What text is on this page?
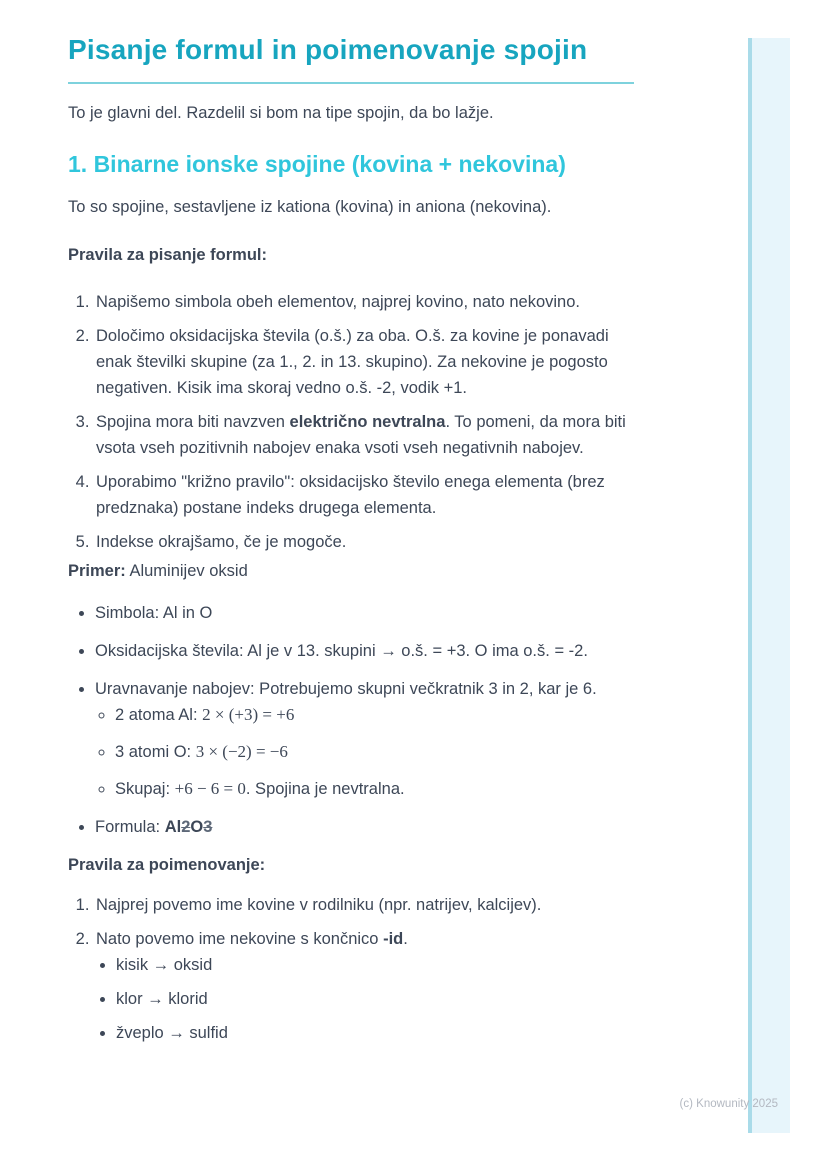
Pisanje formul in poimenovanje spojin

To je glavni del. Razdelil si bom na tipe spojin, da bo lažje.

1. Binarne ionske spojine (kovina + nekovina)

To so spojine, sestavljene iz kationa (kovina) in aniona (nekovina).

Pravila za pisanje formul:

1. Napišemo simbola obeh elementov, najprej kovino, nato nekovino.
2. Določimo oksidacijska števila (o.š.) za oba. O.š. za kovine je ponavadi enak številki skupine (za 1., 2. in 13. skupino). Za nekovine je pogosto negativen. Kisik ima skoraj vedno o.š. -2, vodik +1.
3. Spojina mora biti navzven električno nevtralna. To pomeni, da mora biti vsota vseh pozitivnih nabojev enaka vsoti vseh negativnih nabojev.
4. Uporabimo "križno pravilo": oksidacijsko število enega elementa (brez predznaka) postane indeks drugega elementa.
5. Indekse okrajšamo, če je mogoče.

Primer: Aluminijev oksid

• Simbola: Al in O
• Oksidacijska števila: Al je v 13. skupini → o.š. = +3. O ima o.š. = -2.
• Uravnavanje nabojev: Potrebujemo skupni večkratnik 3 in 2, kar je 6.
◦ 2 atoma Al: 2 × (+3) = +6
◦ 3 atomi O: 3 × (−2) = −6
◦ Skupaj: +6 − 6 = 0. Spojina je nevtralna.
• Formula: Al2O3

Pravila za poimenovanje:

1. Najprej povemo ime kovine v rodilniku (npr. natrijev, kalcijev).
2. Nato povemo ime nekovine s končnico -id.
• kisik → oksid
• klor → klorid
• žveplo → sulfid
(c) Knowunity 2025
